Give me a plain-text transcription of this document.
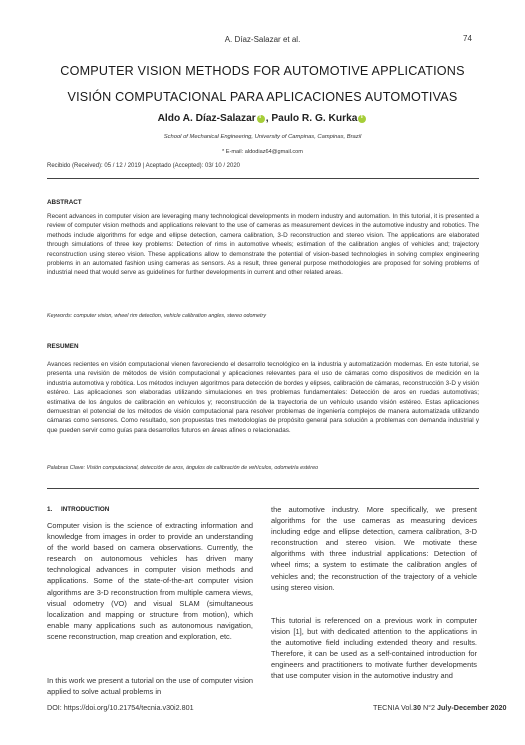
A. Díaz-Salazar et al.	74
COMPUTER VISION METHODS FOR AUTOMOTIVE APPLICATIONS
VISIÓN COMPUTACIONAL PARA APLICACIONES AUTOMOTIVAS
Aldo A. Díaz-Salazari , Paulo R. G. Kurkai
School of Mechanical Engineering, University of Campinas, Campinas, Brazil
* E-mail: aldodiaz64@gmail.com
Recibido (Received): 05 / 12 / 2019 | Aceptado (Accepted): 03/ 10 / 2020
ABSTRACT

Recent advances in computer vision are leveraging many technological developments in modern industry and automation. In this tutorial, it is presented a review of computer vision methods and applications relevant to the use of cameras as measurement devices in the automotive industry and robotics. The methods include algorithms for edge and ellipse detection, camera calibration, 3-D reconstruction and stereo vision. The applications are elaborated through simulations of three key problems: Detection of rims in automotive wheels; estimation of the calibration angles of vehicles and; trajectory reconstruction using stereo vision. These applications allow to demonstrate the potential of vision-based technologies in solving complex engineering problems in an automated fashion using cameras as sensors. As a result, three general purpose methodologies are proposed for solving problems of industrial need that would serve as guidelines for further developments in current and other related areas.

Keywords: computer vision, wheel rim detection, vehicle calibration angles, stereo odometry
RESUMEN

Avances recientes en visión computacional vienen favoreciendo el desarrollo tecnológico en la industria y automatización modernas. En este tutorial, se presenta una revisión de métodos de visión computacional y aplicaciones relevantes para el uso de cámaras como dispositivos de medición en la industria automotiva y robótica. Los métodos incluyen algoritmos para detección de bordes y elipses, calibración de cámaras, reconstrucción 3-D y visión estéreo. Las aplicaciones son elaboradas utilizando simulaciones en tres problemas fundamentales: Detección de aros en ruedas automotivas; estimativa de los ángulos de calibración en vehículos y; reconstrucción de la trayectoria de un vehículo usando visión estéreo. Estas aplicaciones demuestran el potencial de los métodos de visión computacional para resolver problemas de ingeniería complejos de manera automatizada utilizando cámaras como sensores. Como resultado, son propuestas tres metodologías de propósito general para solución a problemas con demanda industrial y que pueden servir como guías para desarrollos futuros en áreas afines o relacionadas.

Palabras Clave: Visión computacional, detección de aros, ángulos de calibración de vehículos, odometría estéreo
1.     INTRODUCTION

Computer vision is the science of extracting information and knowledge from images in order to provide an understanding of the world based on camera observations. Currently, the research on autonomous vehicles has driven many technological advances in computer vision methods and applications. Some of the state-of-the-art computer vision algorithms are 3-D reconstruction from multiple camera views, visual odometry (VO) and visual SLAM (simultaneous localization and mapping or structure from motion), which enable many applications such as autonomous navigation, scene reconstruction, map creation and exploration, etc.

In this work we present a tutorial on the use of computer vision applied to solve actual problems in

the automotive industry. More specifically, we present algorithms for the use cameras as measuring devices including edge and ellipse detection, camera calibration, 3-D reconstruction and stereo vision. We motivate these algorithms with three industrial applications: Detection of wheel rims; a system to estimate the calibration angles of vehicles and; the reconstruction of the trajectory of a vehicle using stereo vision.

This tutorial is referenced on a previous work in computer vision [1], but with dedicated attention to the applications in the automotive field including extended theory and results. Therefore, it can be used as a self-contained introduction for engineers and practitioners to motivate further developments that use computer vision in the automotive industry and

DOI: https://doi.org/10.21754/tecnia.v30i2.801	TECNIA Vol.30 N°2 July-December 2020
